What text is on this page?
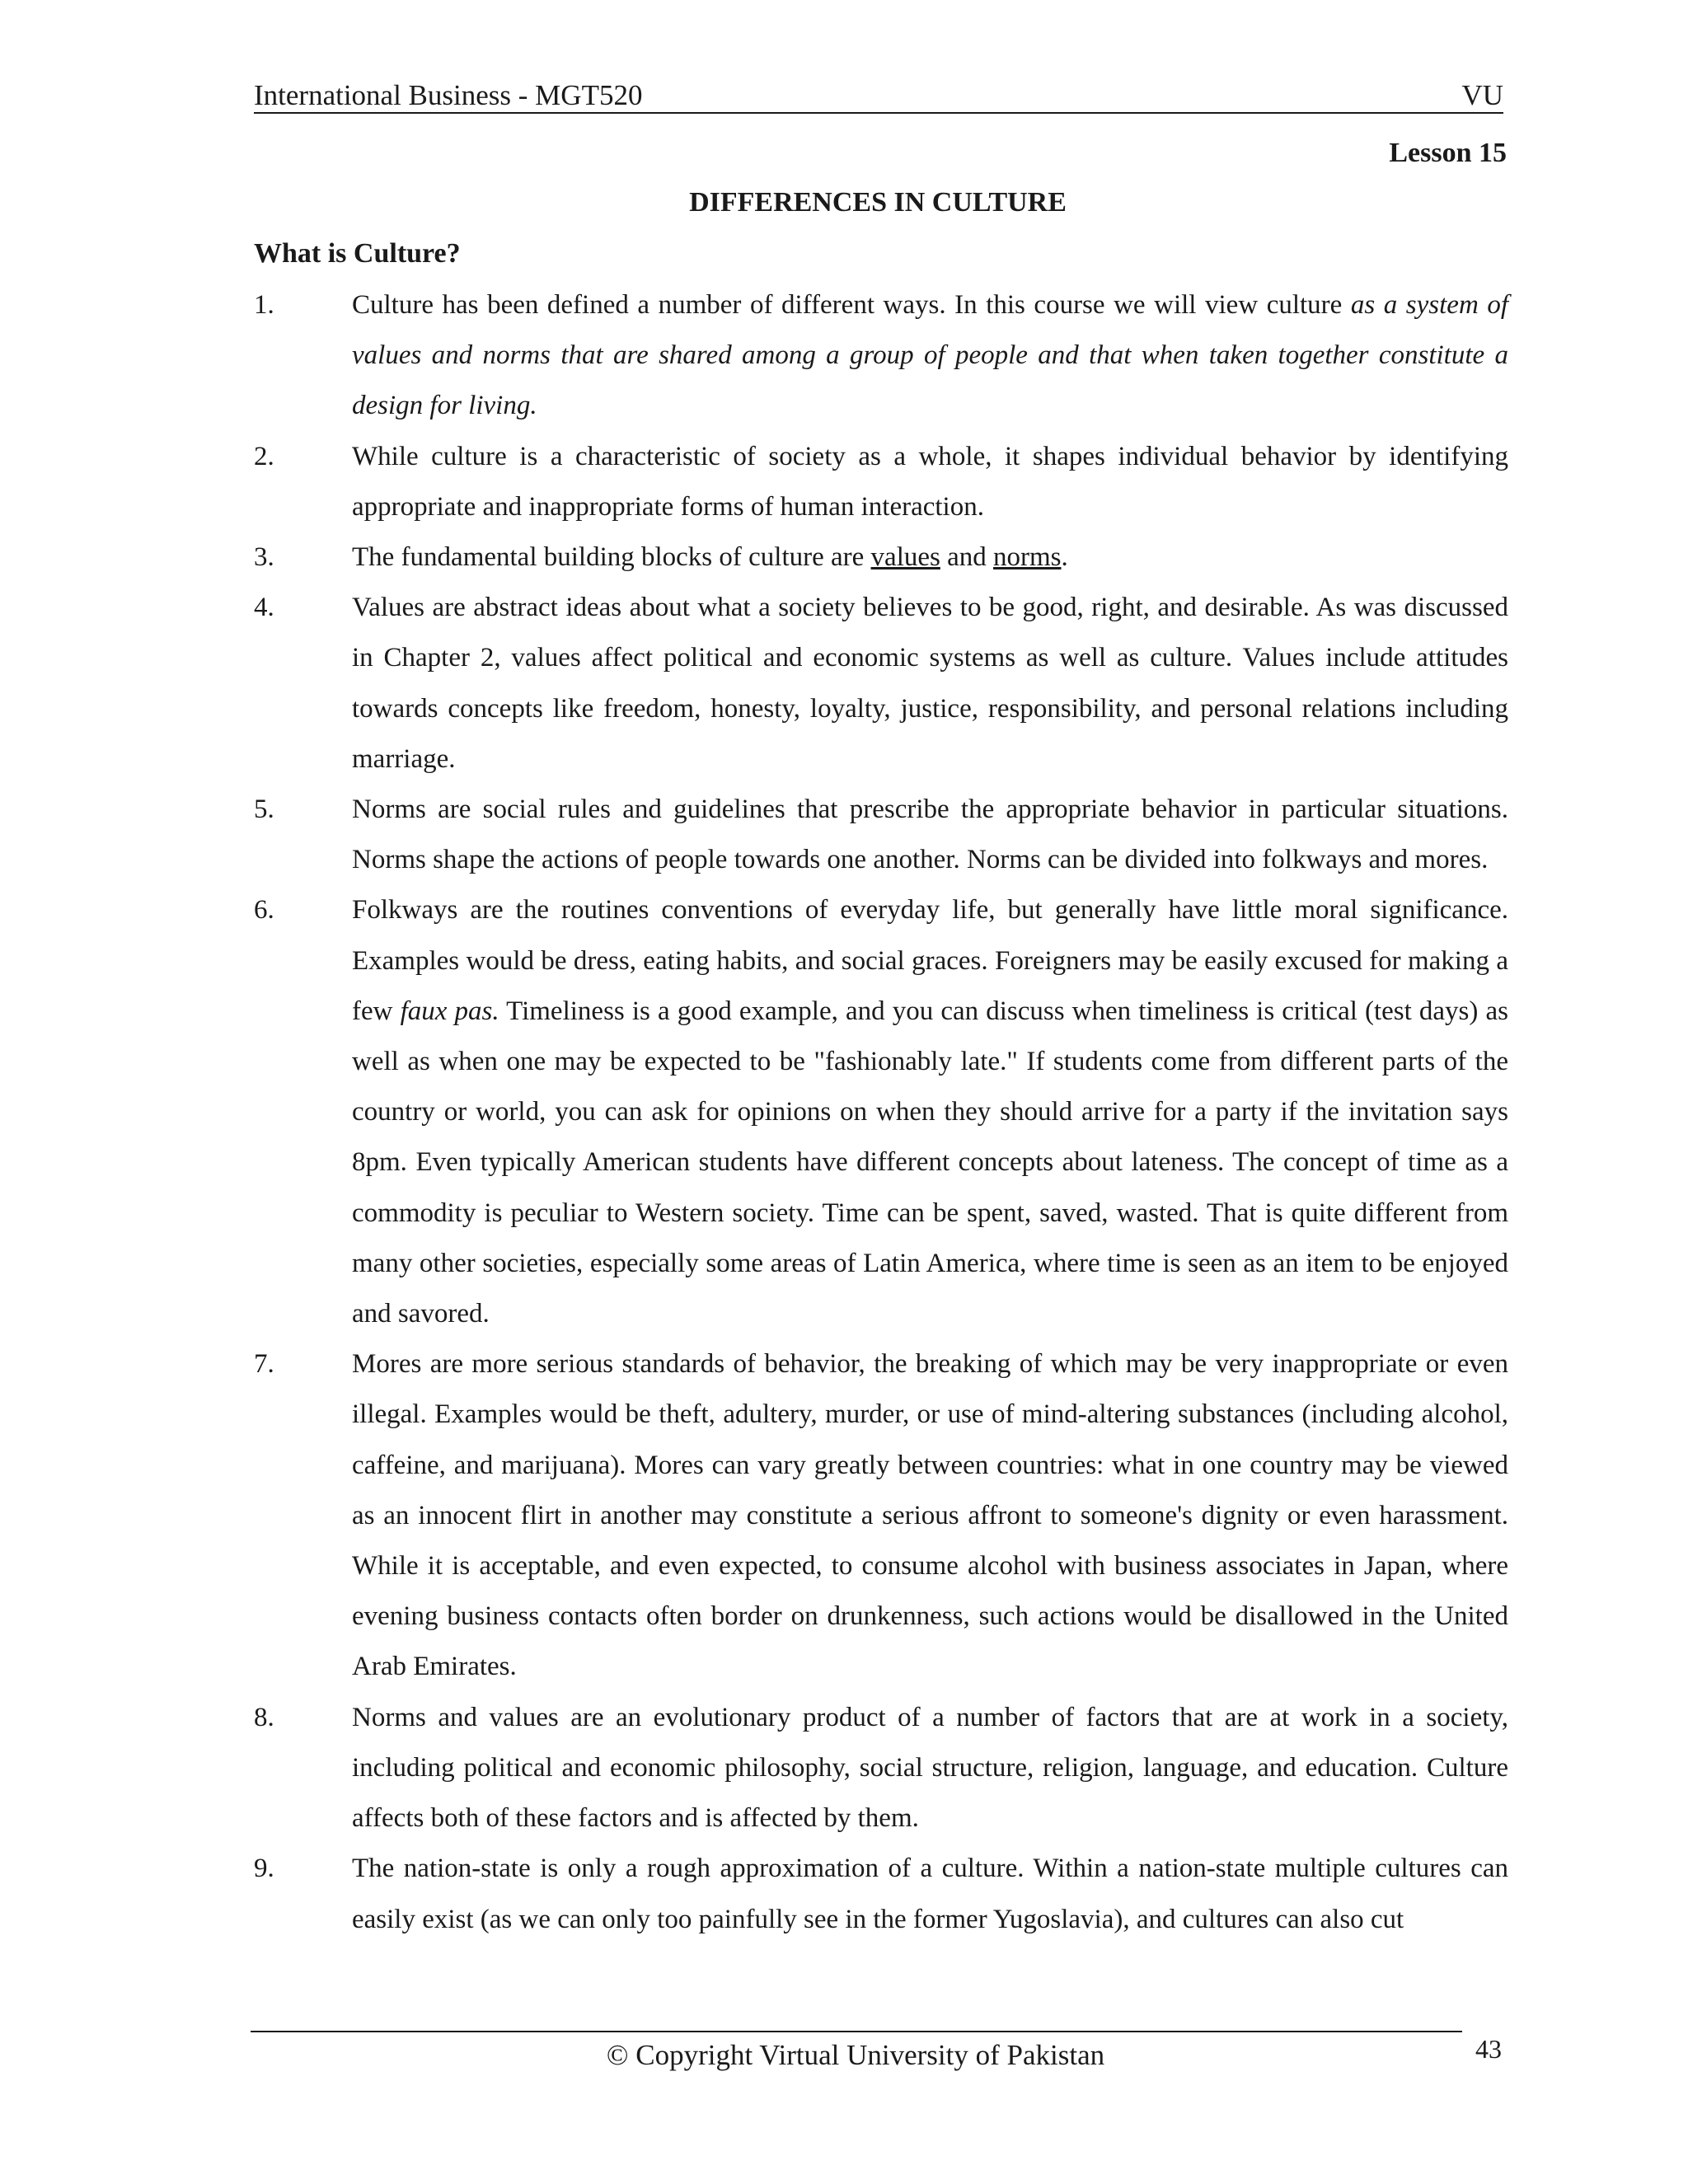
International Business - MGT520	VU
Lesson 15
DIFFERENCES IN CULTURE
What is Culture?
1.	Culture has been defined a number of different ways. In this course we will view culture as a system of values and norms that are shared among a group of people and that when taken together constitute a design for living.
2.	While culture is a characteristic of society as a whole, it shapes individual behavior by identifying appropriate and inappropriate forms of human interaction.
3.	The fundamental building blocks of culture are values and norms.
4.	Values are abstract ideas about what a society believes to be good, right, and desirable. As was discussed in Chapter 2, values affect political and economic systems as well as culture. Values include attitudes towards concepts like freedom, honesty, loyalty, justice, responsibility, and personal relations including marriage.
5.	Norms are social rules and guidelines that prescribe the appropriate behavior in particular situations. Norms shape the actions of people towards one another. Norms can be divided into folkways and mores.
6.	Folkways are the routines conventions of everyday life, but generally have little moral significance. Examples would be dress, eating habits, and social graces. Foreigners may be easily excused for making a few faux pas. Timeliness is a good example, and you can discuss when timeliness is critical (test days) as well as when one may be expected to be "fashionably late." If students come from different parts of the country or world, you can ask for opinions on when they should arrive for a party if the invitation says 8pm. Even typically American students have different concepts about lateness. The concept of time as a commodity is peculiar to Western society. Time can be spent, saved, wasted. That is quite different from many other societies, especially some areas of Latin America, where time is seen as an item to be enjoyed and savored.
7.	Mores are more serious standards of behavior, the breaking of which may be very inappropriate or even illegal. Examples would be theft, adultery, murder, or use of mind-altering substances (including alcohol, caffeine, and marijuana). Mores can vary greatly between countries: what in one country may be viewed as an innocent flirt in another may constitute a serious affront to someone's dignity or even harassment. While it is acceptable, and even expected, to consume alcohol with business associates in Japan, where evening business contacts often border on drunkenness, such actions would be disallowed in the United Arab Emirates.
8.	Norms and values are an evolutionary product of a number of factors that are at work in a society, including political and economic philosophy, social structure, religion, language, and education. Culture affects both of these factors and is affected by them.
9.	The nation-state is only a rough approximation of a culture. Within a nation-state multiple cultures can easily exist (as we can only too painfully see in the former Yugoslavia), and cultures can also cut
© Copyright Virtual University of Pakistan	43
